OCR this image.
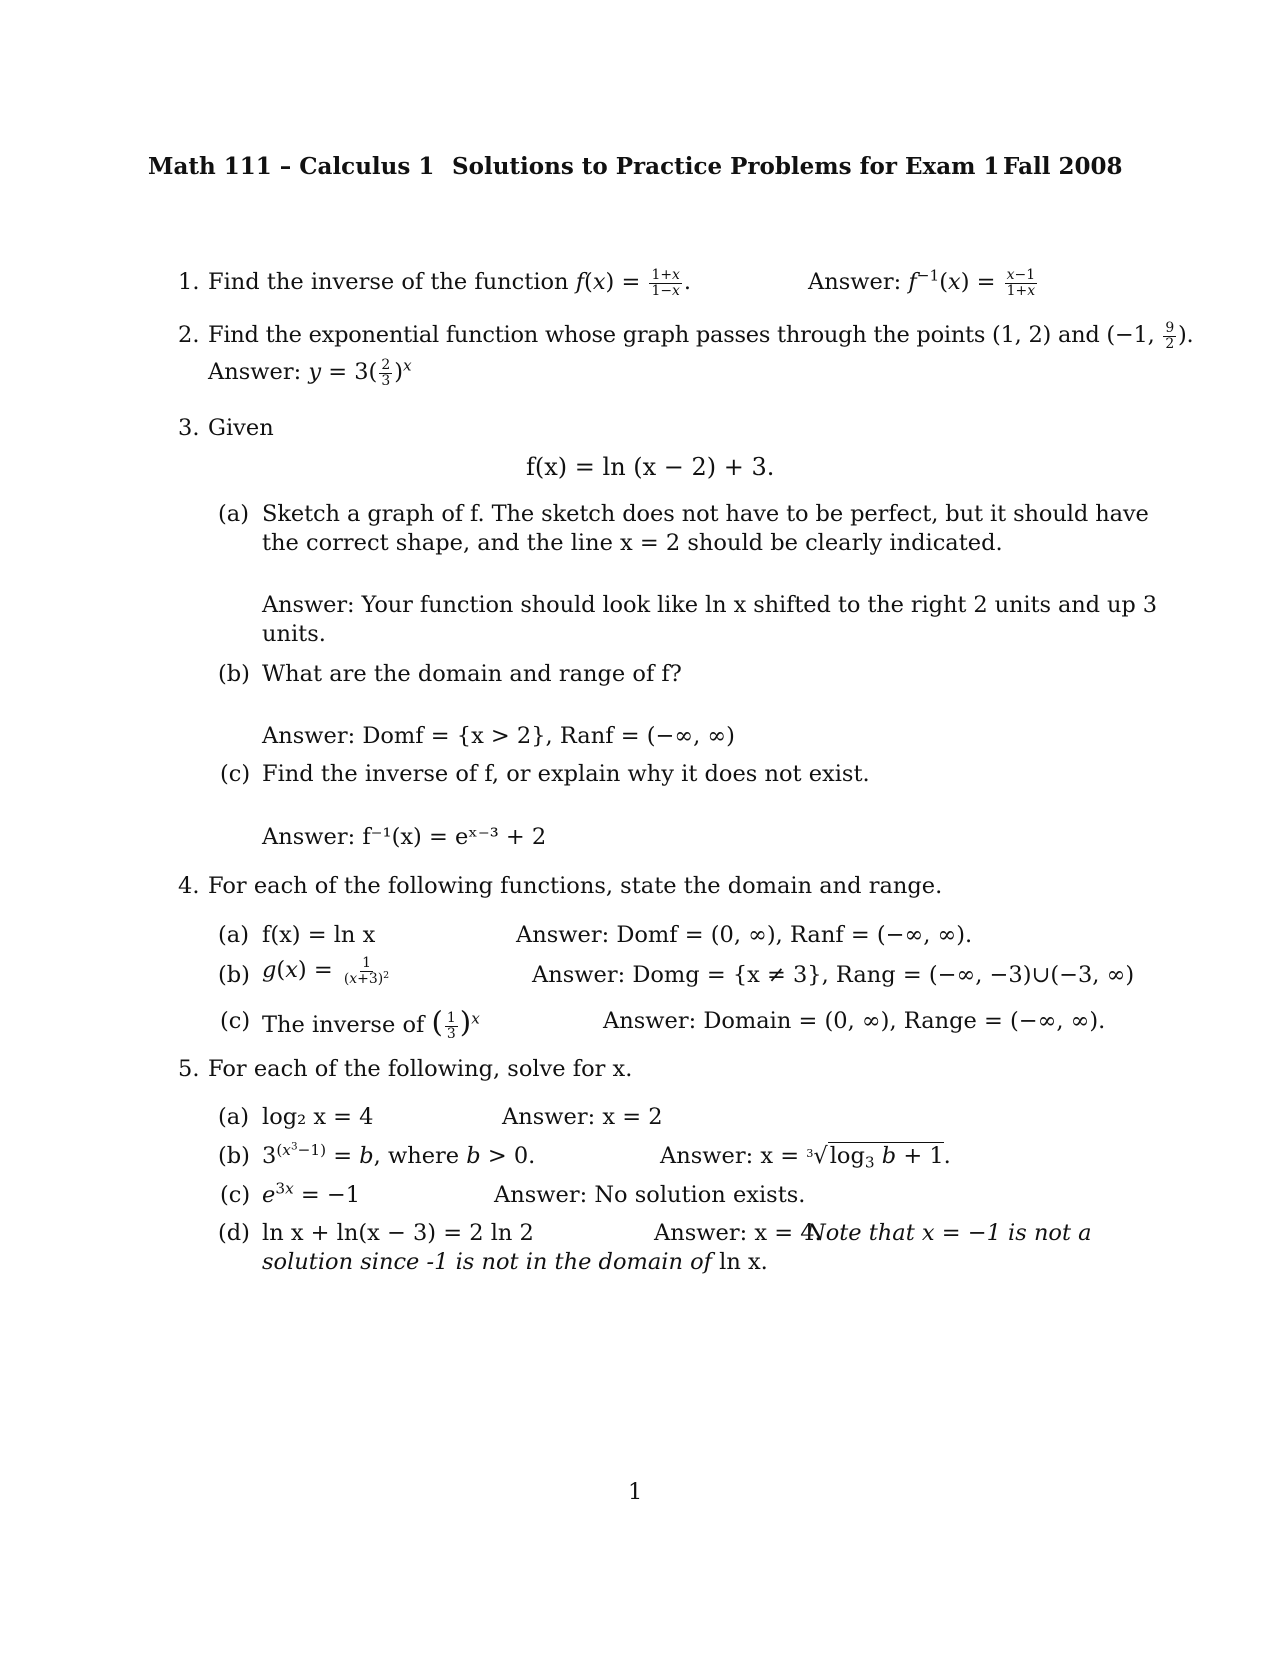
Math 111 – Calculus 1 Solutions to Practice Problems for Exam 1 Fall 2008
1. Find the inverse of the function $f(x) = \frac{1+x}{1-x}$ .	Answer: $f^{-1}(x) = \frac{x-1}{1+x}$
2. Find the exponential function whose graph passes through the points (1, 2) and (−1, $\frac{9}{2}$ ).
Answer: $y = 3( \frac{2}{3} )^x$
3. Given
f(x) = ln (x − 2) + 3.
(a) Sketch a graph of f. The sketch does not have to be perfect, but it should have
the correct shape, and the line x = 2 should be clearly indicated.
Answer: Your function should look like ln x shifted to the right 2 units and up 3
units.
(b) What are the domain and range of f?
Answer: Domf = {x > 2}, Ranf = (−∞, ∞)
(c) Find the inverse of f, or explain why it does not exist.
Answer: f⁻¹(x) = eˣ⁻³ + 2
4. For each of the following functions, state the domain and range.
(a) f(x) = ln x	Answer: Domf = (0, ∞), Ranf = (−∞, ∞).
(b) $g(x) = \frac{1}{(x+3)^2}$	Answer: Domg = {x ≠ 3}, Rang = (−∞, −3)∪(−3, ∞)
(c) The inverse of ( $\frac{1}{3} )^x$	Answer: Domain = (0, ∞), Range = (−∞, ∞).
5. For each of the following, solve for x.
(a) log₂ x = 4	Answer: x = 2
(b) $3^{(x^3-1)} = b$, where b > 0.	Answer: $x = ^3√\log_3$ b + 1.
(c) $e^{3x} = -1$	Answer: No solution exists.
(d) ln x + ln(x − 3) = 2 ln 2	Answer: x = 4.
Note that x = −1 is not a
solution since -1 is not in the domain of ln x.
1
